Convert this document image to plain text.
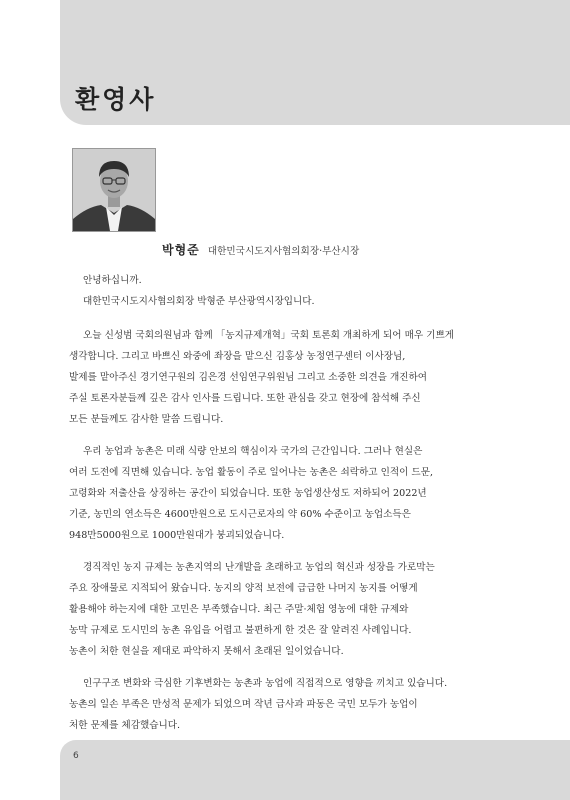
환영사
박형준 대한민국시도지사협의회장·부산시장

안녕하십니까.

대한민국시도지사협의회장 박형준 부산광역시장입니다.

오늘 신성범 국회의원님과 함께 「농지규제개혁」국회 토론회 개최하게 되어 매우 기쁘게
생각합니다. 그리고 바쁘신 와중에 좌장을 맡으신 김홍상 농정연구센터 이사장님,
발제를 맡아주신 경기연구원의 김은경 선임연구위원님 그리고 소중한 의견을 개진하여
주실 토론자분들께 깊은 감사 인사를 드립니다. 또한 관심을 갖고 현장에 참석해 주신
모든 분들께도 감사한 말씀 드립니다.

우리 농업과 농촌은 미래 식량 안보의 핵심이자 국가의 근간입니다. 그러나 현실은
여러 도전에 직면해 있습니다. 농업 활동이 주로 일어나는 농촌은 쇠락하고 인적이 드문,
고령화와 저출산을 상징하는 공간이 되었습니다. 또한 농업생산성도 저하되어 2022년
기준, 농민의 연소득은 4600만원으로 도시근로자의 약 60% 수준이고 농업소득은
948만5000원으로 1000만원대가 붕괴되었습니다.

경직적인 농지 규제는 농촌지역의 난개발을 초래하고 농업의 혁신과 성장을 가로막는
주요 장애물로 지적되어 왔습니다. 농지의 양적 보전에 급급한 나머지 농지를 어떻게
활용해야 하는지에 대한 고민은 부족했습니다. 최근 주말·체험 영농에 대한 규제와
농막 규제로 도시민의 농촌 유입을 어렵고 불편하게 한 것은 잘 알려진 사례입니다.
농촌이 처한 현실을 제대로 파악하지 못해서 초래된 일이었습니다.

인구구조 변화와 극심한 기후변화는 농촌과 농업에 직접적으로 영향을 끼치고 있습니다.
농촌의 일손 부족은 만성적 문제가 되었으며 작년 급사과 파동은 국민 모두가 농업이
처한 문제를 체감했습니다.

6
